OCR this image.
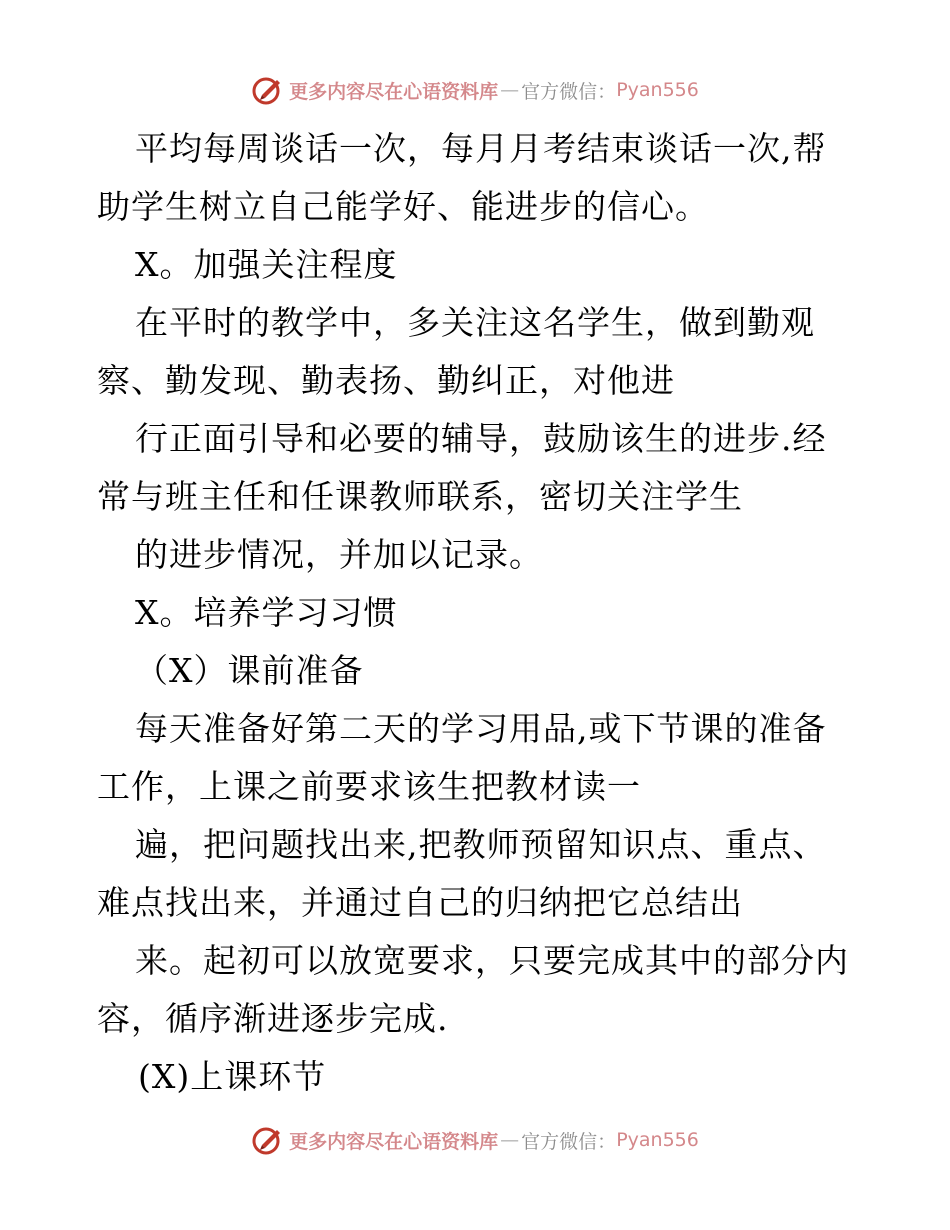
更多内容尽在心语资料库 — 官方微信： Pyan556
平均每周谈话一次，每月月考结束谈话一次,帮
助学生树立自己能学好、能进步的信心。
X。加强关注程度
在平时的教学中，多关注这名学生，做到勤观
察、勤发现、勤表扬、勤纠正，对他进
行正面引导和必要的辅导，鼓励该生的进步.经
常与班主任和任课教师联系，密切关注学生
的进步情况，并加以记录。
X。培养学习习惯
（X）课前准备
每天准备好第二天的学习用品,或下节课的准备
工作，上课之前要求该生把教材读一
遍，把问题找出来,把教师预留知识点、重点、
难点找出来，并通过自己的归纳把它总结出
来。起初可以放宽要求，只要完成其中的部分内
容，循序渐进逐步完成.
(X)上课环节
更多内容尽在心语资料库 — 官方微信： Pyan556
